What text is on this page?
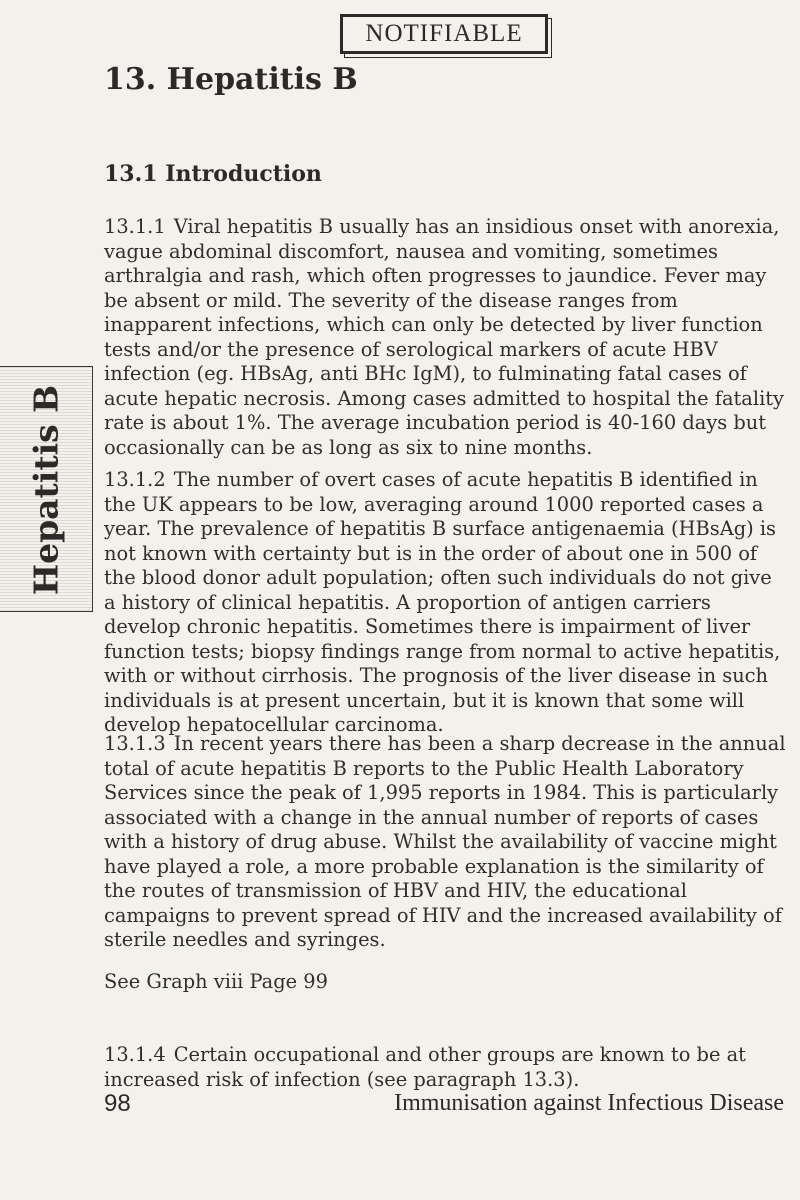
NOTIFIABLE
13. Hepatitis B
13.1 Introduction
Hepatitis B

13.1.1 Viral hepatitis B usually has an insidious onset with anorexia, vague abdominal discomfort, nausea and vomiting, sometimes arthralgia and rash, which often progresses to jaundice. Fever may be absent or mild. The severity of the disease ranges from inapparent infections, which can only be detected by liver function tests and/or the presence of serological markers of acute HBV infection (eg. HBsAg, anti BHc IgM), to fulminating fatal cases of acute hepatic necrosis. Among cases admitted to hospital the fatality rate is about 1%. The average incubation period is 40-160 days but occasionally can be as long as six to nine months.

13.1.2 The number of overt cases of acute hepatitis B identified in the UK appears to be low, averaging around 1000 reported cases a year. The prevalence of hepatitis B surface antigenaemia (HBsAg) is not known with certainty but is in the order of about one in 500 of the blood donor adult population; often such individuals do not give a history of clinical hepatitis. A proportion of antigen carriers develop chronic hepatitis. Sometimes there is impairment of liver function tests; biopsy findings range from normal to active hepatitis, with or without cirrhosis. The prognosis of the liver disease in such individuals is at present uncertain, but it is known that some will develop hepatocellular carcinoma.

13.1.3 In recent years there has been a sharp decrease in the annual total of acute hepatitis B reports to the Public Health Laboratory Services since the peak of 1,995 reports in 1984. This is particularly associated with a change in the annual number of reports of cases with a history of drug abuse. Whilst the availability of vaccine might have played a role, a more probable explanation is the similarity of the routes of transmission of HBV and HIV, the educational campaigns to prevent spread of HIV and the increased availability of sterile needles and syringes.

See Graph viii Page 99

13.1.4 Certain occupational and other groups are known to be at increased risk of infection (see paragraph 13.3).

98	Immunisation against Infectious Disease
